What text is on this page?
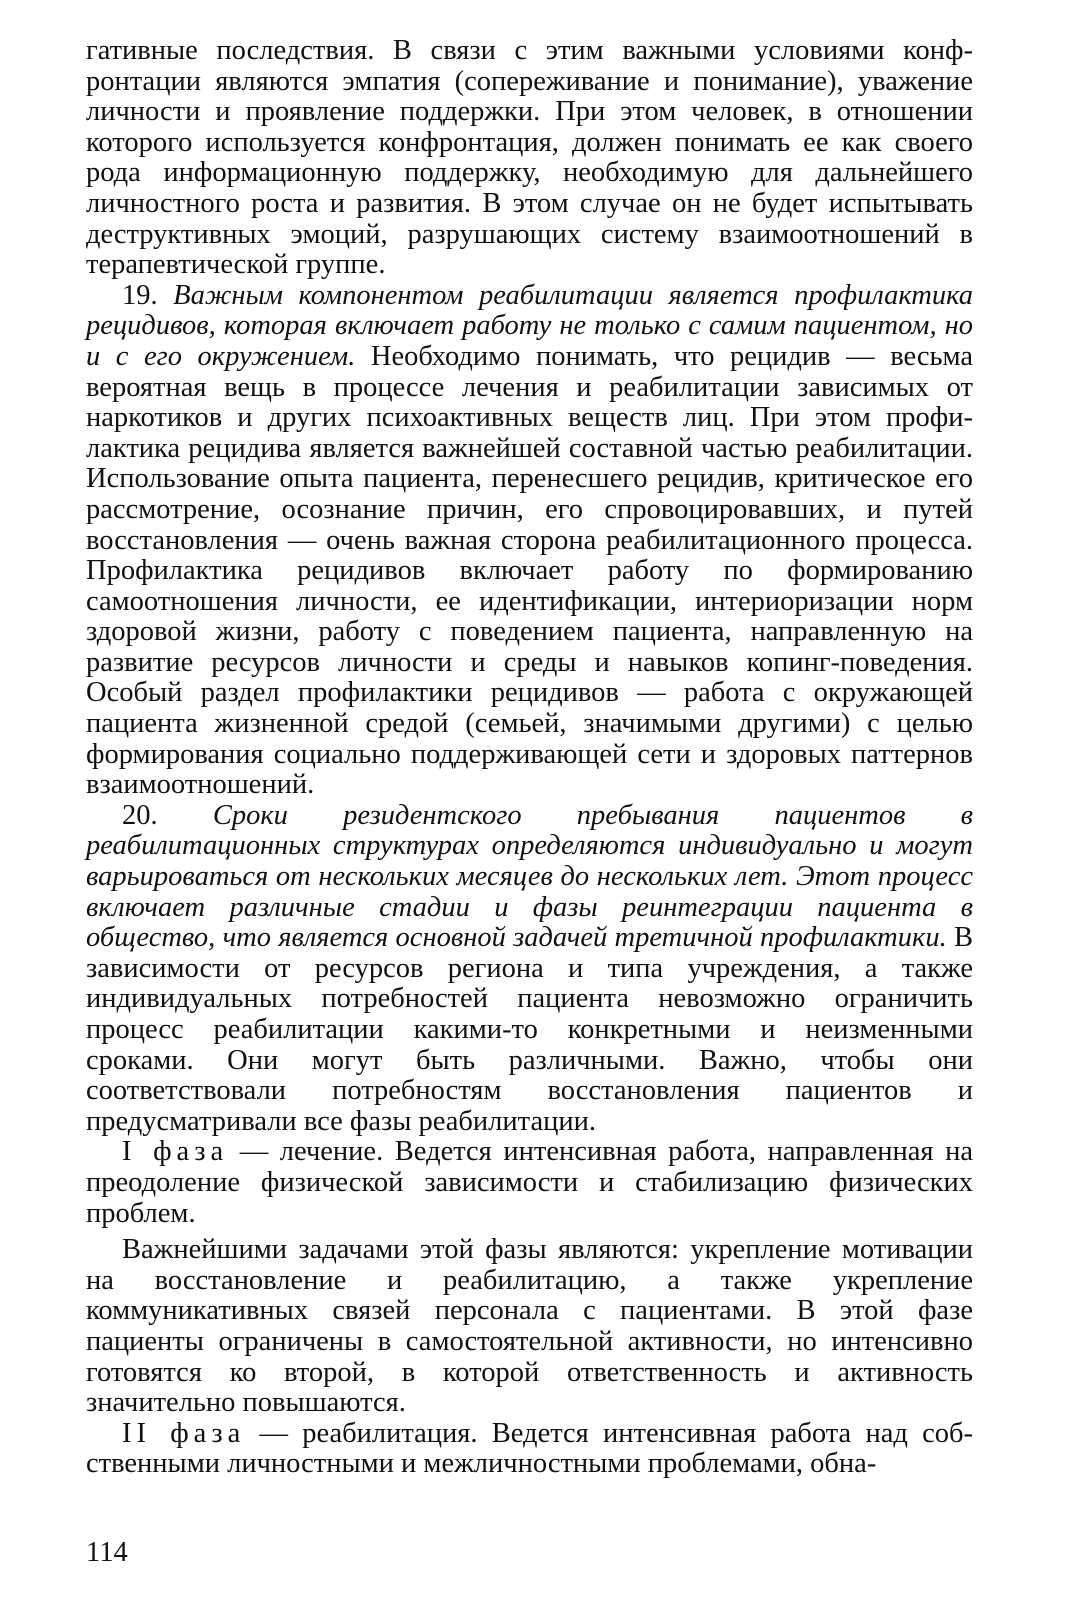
гативные последствия. В связи с этим важными условиями конфронтации являются эмпатия (сопереживание и понимание), уважение личности и проявление поддержки. При этом человек, в отношении которого используется конфронтация, должен понимать ее как своего рода информационную поддержку, необходимую для дальнейшего личностного роста и развития. В этом случае он не будет испытывать деструктивных эмоций, разрушающих систему взаимоотношений в терапевтической группе.

19. Важным компонентом реабилитации является профилактика рецидивов, которая включает работу не только с самим пациентом, но и с его окружением. Необходимо понимать, что рецидив — весьма вероятная вещь в процессе лечения и реабилитации зависимых от наркотиков и других психоактивных веществ лиц. При этом профилактика рецидива является важнейшей составной частью реабилитации. Использование опыта пациента, перенесшего рецидив, критическое его рассмотрение, осознание причин, его спровоцировавших, и путей восстановления — очень важная сторона реабилитационного процесса. Профилактика рецидивов включает работу по формированию самоотношения личности, ее идентификации, интериоризации норм здоровой жизни, работу с поведением пациента, направленную на развитие ресурсов личности и среды и навыков копинг-поведения. Особый раздел профилактики рецидивов — работа с окружающей пациента жизненной средой (семьей, значимыми другими) с целью формирования социально поддерживающей сети и здоровых паттернов взаимоотношений.

20. Сроки резидентского пребывания пациентов в реабилитационных структурах определяются индивидуально и могут варьироваться от нескольких месяцев до нескольких лет. Этот процесс включает различные стадии и фазы реинтеграции пациента в общество, что является основной задачей третичной профилактики. В зависимости от ресурсов региона и типа учреждения, а также индивидуальных потребностей пациента невозможно ограничить процесс реабилитации какими-то конкретными и неизменными сроками. Они могут быть различными. Важно, чтобы они соответствовали потребностям восстановления пациентов и предусматривали все фазы реабилитации.

I фаза — лечение. Ведется интенсивная работа, направленная на преодоление физической зависимости и стабилизацию физических проблем.

Важнейшими задачами этой фазы являются: укрепление мотивации на восстановление и реабилитацию, а также укрепление коммуникативных связей персонала с пациентами. В этой фазе пациенты ограничены в самостоятельной активности, но интенсивно готовятся ко второй, в которой ответственность и активность значительно повышаются.

II фаза — реабилитация. Ведется интенсивная работа над собственными личностными и межличностными проблемами, обна-

114
